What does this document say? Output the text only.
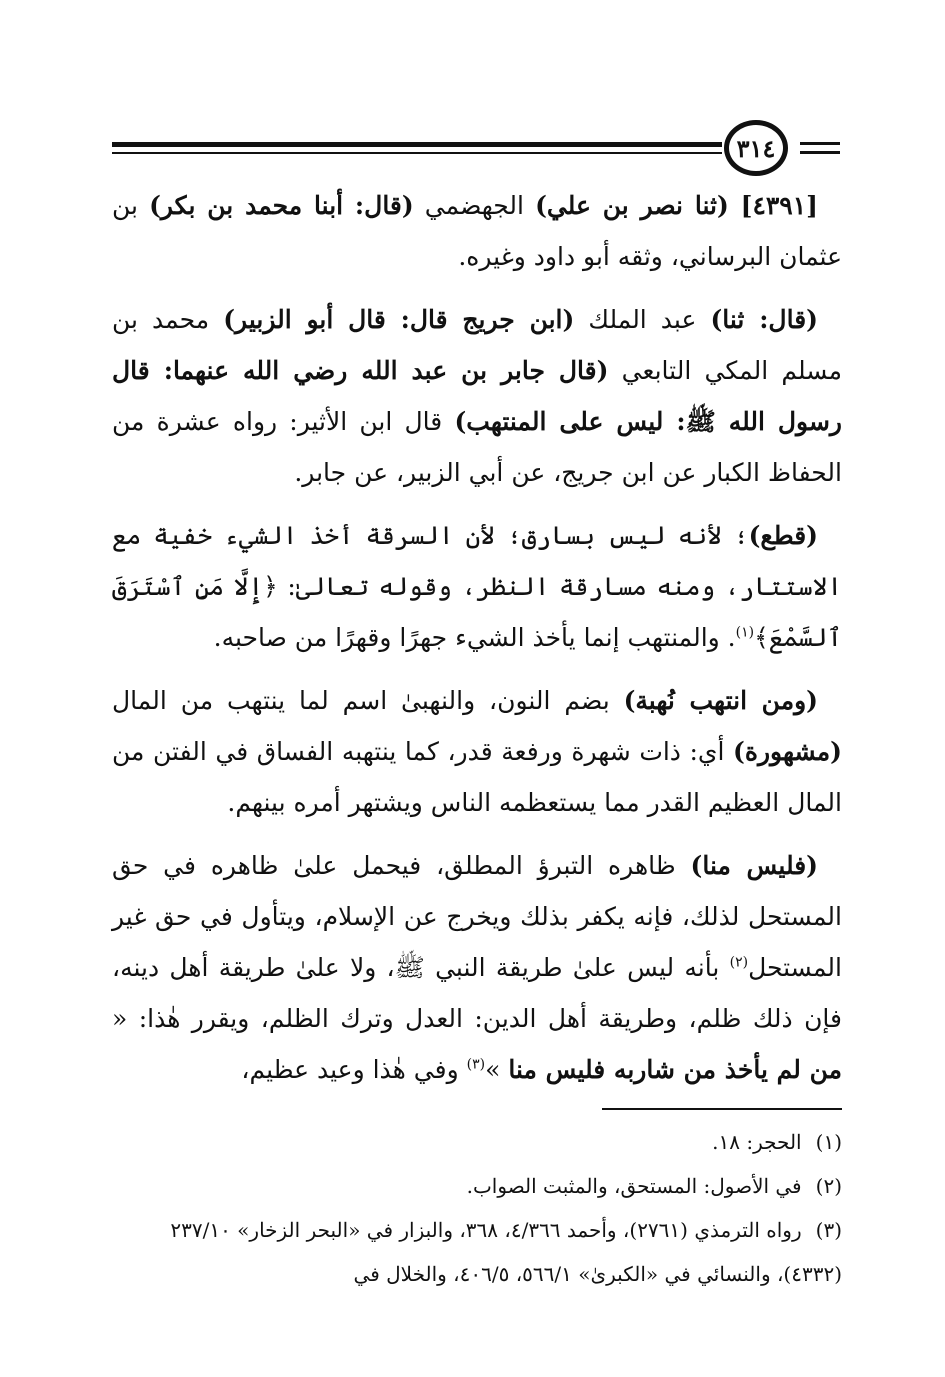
٣١٤

[٤٣٩١] (ثنا نصر بن علي) الجهضمي (قال: أبنا محمد بن بكر) بن عثمان البرساني، وثقه أبو داود وغيره.

(قال: ثنا) عبد الملك (ابن جريج قال: قال أبو الزبير) محمد بن مسلم المكي التابعي (قال جابر بن عبد الله رضي الله عنهما: قال رسول الله ﷺ: ليس على المنتهب) قال ابن الأثير: رواه عشرة من الحفاظ الكبار عن ابن جريج، عن أبي الزبير، عن جابر.

(قطع)؛ لأنه ليس بسارق؛ لأن السرقة أخذ الشيء خفية مع الاستتار، ومنه مسارقة النظر، وقوله تعالىٰ: ﴿إِلَّا مَنِ ٱسْتَرَقَ ٱلسَّمْعَ﴾$^{(١)}$. والمنتهب إنما يأخذ الشيء جهرًا وقهرًا من صاحبه.

(ومن انتهب نُهبة) بضم النون، والنهبىٰ اسم لما ينتهب من المال (مشهورة) أي: ذات شهرة ورفعة قدر، كما ينتهبه الفساق في الفتن من المال العظيم القدر مما يستعظمه الناس ويشتهر أمره بينهم.

(فليس منا) ظاهره التبرؤ المطلق، فيحمل علىٰ ظاهره في حق المستحل لذلك، فإنه يكفر بذلك ويخرج عن الإسلام، ويتأول في حق غير المستحل$^{(٢)}$ بأنه ليس علىٰ طريقة النبي ﷺ، ولا علىٰ طريقة أهل دينه، فإن ذلك ظلم، وطريقة أهل الدين: العدل وترك الظلم، ويقرر هٰذا: « من لم يأخذ من شاربه فليس منا »$^{(٣)}$ وفي هٰذا وعيد عظيم،

(١)الحجر: ١٨.

(٢)في الأصول: المستحق، والمثبت الصواب.

(٣)رواه الترمذي (٢٧٦١)، وأحمد ٤/٣٦٦، ٣٦٨، والبزار في «البحر الزخار» ٢٣٧/١٠ (٤٣٣٢)، والنسائي في «الكبرىٰ» ٥٦٦/١، ٤٠٦/٥، والخلال في
